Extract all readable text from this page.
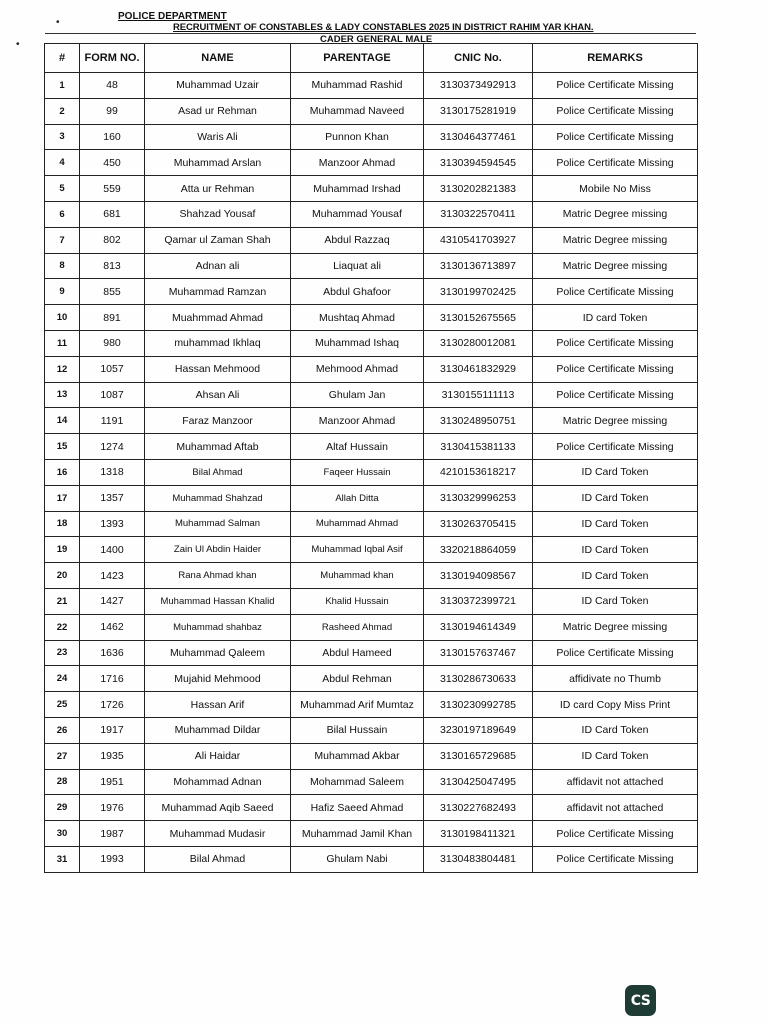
•
•
POLICE DEPARTMENT
RECRUITMENT OF CONSTABLES & LADY CONSTABLES 2025 IN DISTRICT RAHIM YAR KHAN.
CADER GENERAL MALE
#	FORM NO.	NAME	PARENTAGE	CNIC No.	REMARKS
1	48	Muhammad Uzair	Muhammad Rashid	3130373492913	Police Certificate Missing
2	99	Asad ur Rehman	Muhammad Naveed	3130175281919	Police Certificate Missing
3	160	Waris Ali	Punnon Khan	3130464377461	Police Certificate Missing
4	450	Muhammad Arslan	Manzoor Ahmad	3130394594545	Police Certificate Missing
5	559	Atta ur Rehman	Muhammad Irshad	3130202821383	Mobile No Miss
6	681	Shahzad Yousaf	Muhammad Yousaf	3130322570411	Matric Degree missing
7	802	Qamar ul Zaman Shah	Abdul Razzaq	4310541703927	Matric Degree missing
8	813	Adnan ali	Liaquat ali	3130136713897	Matric Degree missing
9	855	Muhammad Ramzan	Abdul Ghafoor	3130199702425	Police Certificate Missing
10	891	Muahmmad Ahmad	Mushtaq Ahmad	3130152675565	ID card Token
11	980	muhammad Ikhlaq	Muhammad Ishaq	3130280012081	Police Certificate Missing
12	1057	Hassan Mehmood	Mehmood Ahmad	3130461832929	Police Certificate Missing
13	1087	Ahsan Ali	Ghulam Jan	3130155111113	Police Certificate Missing
14	1191	Faraz Manzoor	Manzoor Ahmad	3130248950751	Matric Degree missing
15	1274	Muhammad Aftab	Altaf Hussain	3130415381133	Police Certificate Missing
16	1318	Bilal Ahmad	Faqeer Hussain	4210153618217	ID Card Token
17	1357	Muhammad Shahzad	Allah Ditta	3130329996253	ID Card Token
18	1393	Muhammad Salman	Muhammad Ahmad	3130263705415	ID Card Token
19	1400	Zain Ul Abdin Haider	Muhammad Iqbal Asif	3320218864059	ID Card Token
20	1423	Rana Ahmad khan	Muhammad khan	3130194098567	ID Card Token
21	1427	Muhammad Hassan Khalid	Khalid Hussain	3130372399721	ID Card Token
22	1462	Muhammad shahbaz	Rasheed Ahmad	3130194614349	Matric Degree missing
23	1636	Muhammad Qaleem	Abdul Hameed	3130157637467	Police Certificate Missing
24	1716	Mujahid Mehmood	Abdul Rehman	3130286730633	affidivate no Thumb
25	1726	Hassan Arif	Muhammad Arif Mumtaz	3130230992785	ID card Copy Miss Print
26	1917	Muhammad Dildar	Bilal Hussain	3230197189649	ID Card Token
27	1935	Ali Haidar	Muhammad Akbar	3130165729685	ID Card Token
28	1951	Mohammad Adnan	Mohammad Saleem	3130425047495	affidavit not attached
29	1976	Muhammad Aqib Saeed	Hafiz Saeed Ahmad	3130227682493	affidavit not attached
30	1987	Muhammad Mudasir	Muhammad Jamil Khan	3130198411321	Police Certificate Missing
31	1993	Bilal Ahmad	Ghulam Nabi	3130483804481	Police Certificate Missing
CS
